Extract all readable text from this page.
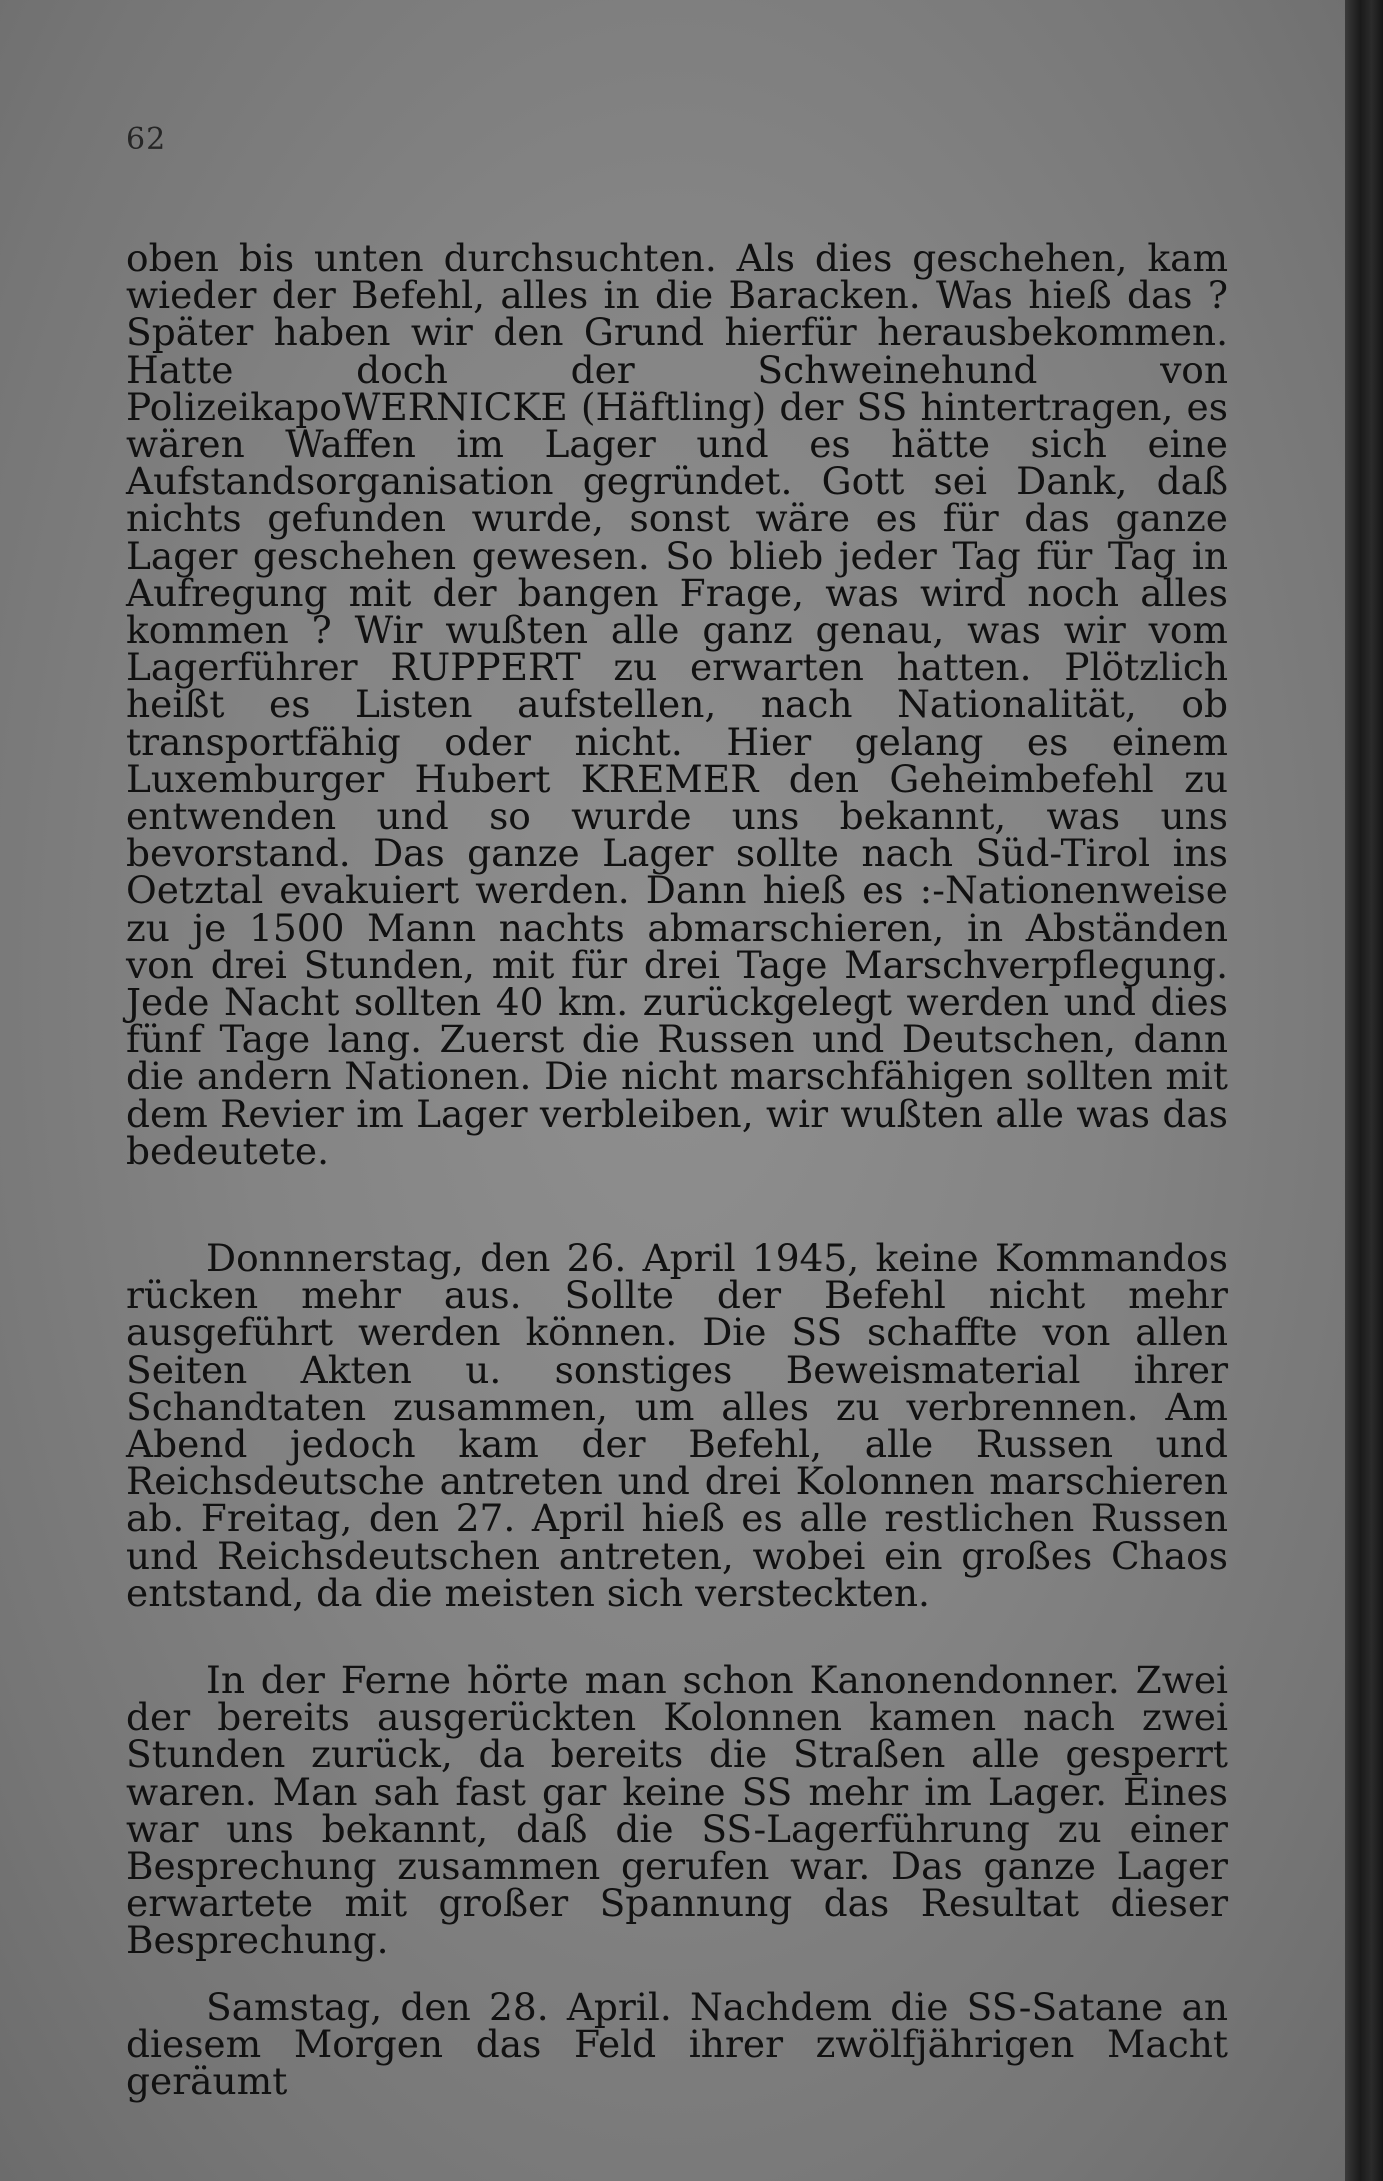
62

oben bis unten durchsuchten. Als dies geschehen, kam wieder der Befehl, alles in die Baracken. Was hieß das ? Später haben wir den Grund hierfür herausbekommen. Hatte doch der Schweinehund von PolizeikapoWERNICKE (Häftling) der SS hintertragen, es wären Waffen im Lager und es hätte sich eine Aufstandsorganisation gegründet. Gott sei Dank, daß nichts gefunden wurde, sonst wäre es für das ganze Lager geschehen gewesen. So blieb jeder Tag für Tag in Aufregung mit der bangen Frage, was wird noch alles kommen ? Wir wußten alle ganz genau, was wir vom Lagerführer RUPPERT zu erwarten hatten. Plötzlich heißt es Listen aufstellen, nach Nationalität, ob transportfähig oder nicht. Hier gelang es einem Luxemburger Hubert KREMER den Geheimbefehl zu entwenden und so wurde uns bekannt, was uns bevorstand. Das ganze Lager sollte nach Süd-Tirol ins Oetztal evakuiert werden. Dann hieß es :-Nationenweise zu je 1500 Mann nachts abmarschieren, in Abständen von drei Stunden, mit für drei Tage Marschverpflegung. Jede Nacht sollten 40 km. zurückgelegt werden und dies fünf Tage lang. Zuerst die Russen und Deutschen, dann die andern Nationen. Die nicht marschfähigen sollten mit dem Revier im Lager verbleiben, wir wußten alle was das bedeutete.

Donnnerstag, den 26. April 1945, keine Kommandos rücken mehr aus. Sollte der Befehl nicht mehr ausgeführt werden können. Die SS schaffte von allen Seiten Akten u. sonstiges Beweismaterial ihrer Schandtaten zusammen, um alles zu verbrennen. Am Abend jedoch kam der Befehl, alle Russen und Reichsdeutsche antreten und drei Kolonnen marschieren ab. Freitag, den 27. April hieß es alle restlichen Russen und Reichsdeutschen antreten, wobei ein großes Chaos entstand, da die meisten sich versteckten.

In der Ferne hörte man schon Kanonendonner. Zwei der bereits ausgerückten Kolonnen kamen nach zwei Stunden zurück, da bereits die Straßen alle gesperrt waren. Man sah fast gar keine SS mehr im Lager. Eines war uns bekannt, daß die SS-Lagerführung zu einer Besprechung zusammen gerufen war. Das ganze Lager erwartete mit großer Spannung das Resultat dieser Besprechung.

Samstag, den 28. April. Nachdem die SS-Satane an diesem Morgen das Feld ihrer zwölfjährigen Macht geräumt
